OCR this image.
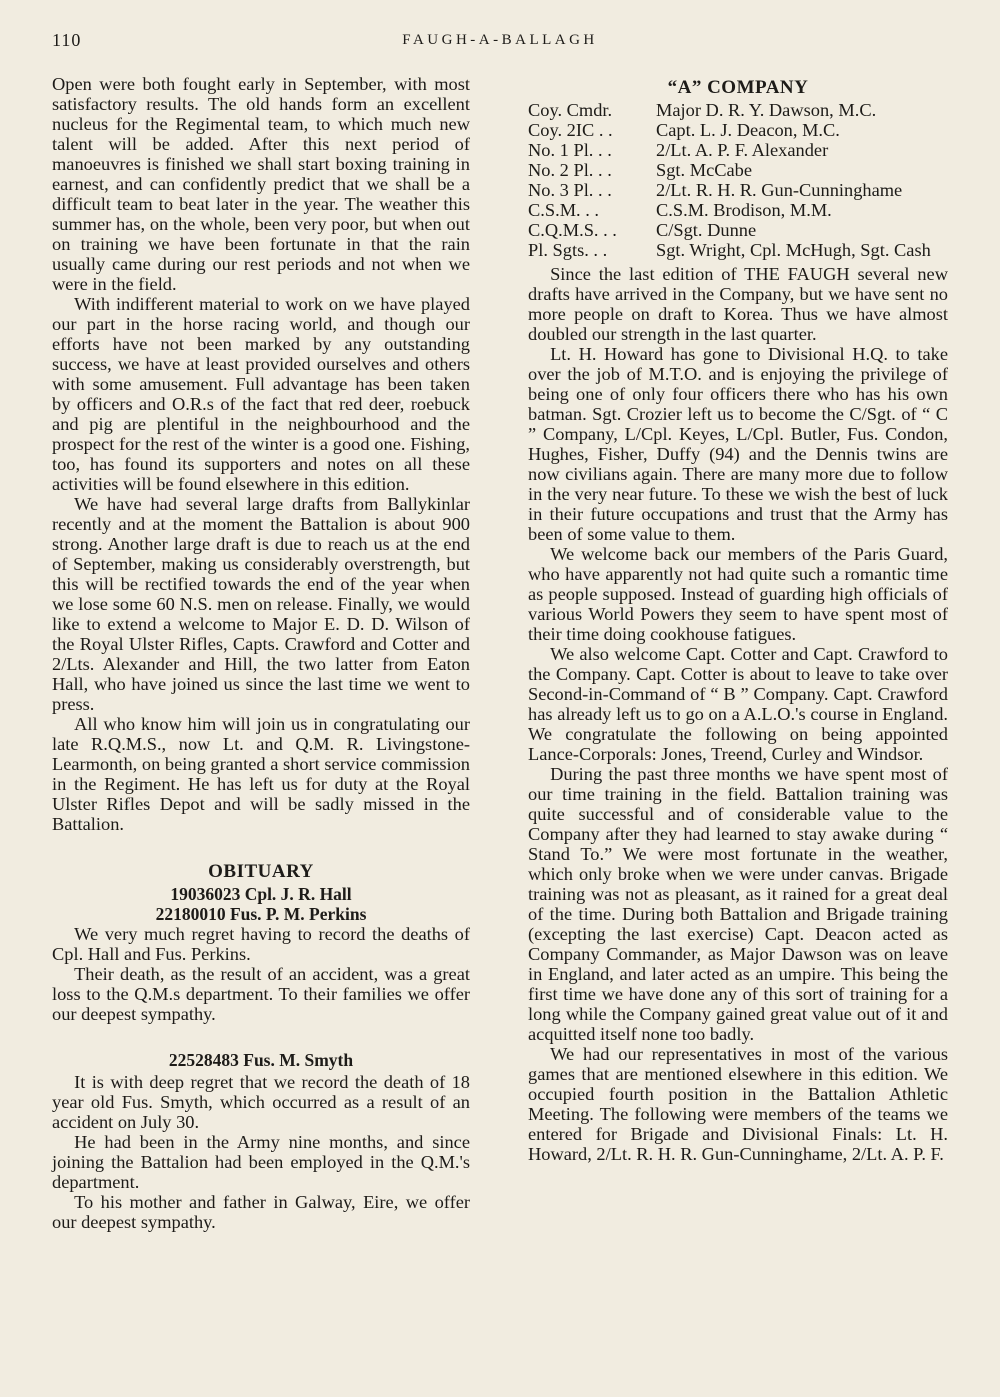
110	FAUGH-A-BALLAGH

Open were both fought early in September, with most satisfactory results. The old hands form an excellent nucleus for the Regimental team, to which much new talent will be added. After this next period of manoeuvres is finished we shall start boxing training in earnest, and can confidently predict that we shall be a difficult team to beat later in the year. The weather this summer has, on the whole, been very poor, but when out on training we have been fortunate in that the rain usually came during our rest periods and not when we were in the field.

With indifferent material to work on we have played our part in the horse racing world, and though our efforts have not been marked by any outstanding success, we have at least provided ourselves and others with some amusement. Full advantage has been taken by officers and O.R.s of the fact that red deer, roebuck and pig are plentiful in the neighbourhood and the prospect for the rest of the winter is a good one. Fishing, too, has found its supporters and notes on all these activities will be found elsewhere in this edition.

We have had several large drafts from Ballykinlar recently and at the moment the Battalion is about 900 strong. Another large draft is due to reach us at the end of September, making us considerably overstrength, but this will be rectified towards the end of the year when we lose some 60 N.S. men on release. Finally, we would like to extend a welcome to Major E. D. D. Wilson of the Royal Ulster Rifles, Capts. Crawford and Cotter and 2/Lts. Alexander and Hill, the two latter from Eaton Hall, who have joined us since the last time we went to press.

All who know him will join us in congratulating our late R.Q.M.S., now Lt. and Q.M. R. Livingstone-Learmonth, on being granted a short service commission in the Regiment. He has left us for duty at the Royal Ulster Rifles Depot and will be sadly missed in the Battalion.

OBITUARY
19036023 Cpl. J. R. Hall
22180010 Fus. P. M. Perkins

We very much regret having to record the deaths of Cpl. Hall and Fus. Perkins.

Their death, as the result of an accident, was a great loss to the Q.M.s department. To their families we offer our deepest sympathy.

22528483 Fus. M. Smyth

It is with deep regret that we record the death of 18 year old Fus. Smyth, which occurred as a result of an accident on July 30.

He had been in the Army nine months, and since joining the Battalion had been employed in the Q.M.'s department.

To his mother and father in Galway, Eire, we offer our deepest sympathy.

“A” COMPANY
Coy. Cmdr.	Major D. R. Y. Dawson, M.C.
Coy. 2IC . .	Capt. L. J. Deacon, M.C.
No. 1 Pl. . .	2/Lt. A. P. F. Alexander
No. 2 Pl. . .	Sgt. McCabe
No. 3 Pl. . .	2/Lt. R. H. R. Gun-Cunninghame
C.S.M. . .	C.S.M. Brodison, M.M.
C.Q.M.S. . .	C/Sgt. Dunne
Pl. Sgts. . .	Sgt. Wright, Cpl. McHugh, Sgt. Cash

Since the last edition of THE FAUGH several new drafts have arrived in the Company, but we have sent no more people on draft to Korea. Thus we have almost doubled our strength in the last quarter.

Lt. H. Howard has gone to Divisional H.Q. to take over the job of M.T.O. and is enjoying the privilege of being one of only four officers there who has his own batman. Sgt. Crozier left us to become the C/Sgt. of “ C ” Company, L/Cpl. Keyes, L/Cpl. Butler, Fus. Condon, Hughes, Fisher, Duffy (94) and the Dennis twins are now civilians again. There are many more due to follow in the very near future. To these we wish the best of luck in their future occupations and trust that the Army has been of some value to them.

We welcome back our members of the Paris Guard, who have apparently not had quite such a romantic time as people supposed. Instead of guarding high officials of various World Powers they seem to have spent most of their time doing cookhouse fatigues.

We also welcome Capt. Cotter and Capt. Crawford to the Company. Capt. Cotter is about to leave to take over Second-in-Command of “ B ” Company. Capt. Crawford has already left us to go on a A.L.O.'s course in England. We congratulate the following on being appointed Lance-Corporals: Jones, Treend, Curley and Windsor.

During the past three months we have spent most of our time training in the field. Battalion training was quite successful and of considerable value to the Company after they had learned to stay awake during “ Stand To.” We were most fortunate in the weather, which only broke when we were under canvas. Brigade training was not as pleasant, as it rained for a great deal of the time. During both Battalion and Brigade training (excepting the last exercise) Capt. Deacon acted as Company Commander, as Major Dawson was on leave in England, and later acted as an umpire. This being the first time we have done any of this sort of training for a long while the Company gained great value out of it and acquitted itself none too badly.

We had our representatives in most of the various games that are mentioned elsewhere in this edition. We occupied fourth position in the Battalion Athletic Meeting. The following were members of the teams we entered for Brigade and Divisional Finals: Lt. H. Howard, 2/Lt. R. H. R. Gun-Cunninghame, 2/Lt. A. P. F.
